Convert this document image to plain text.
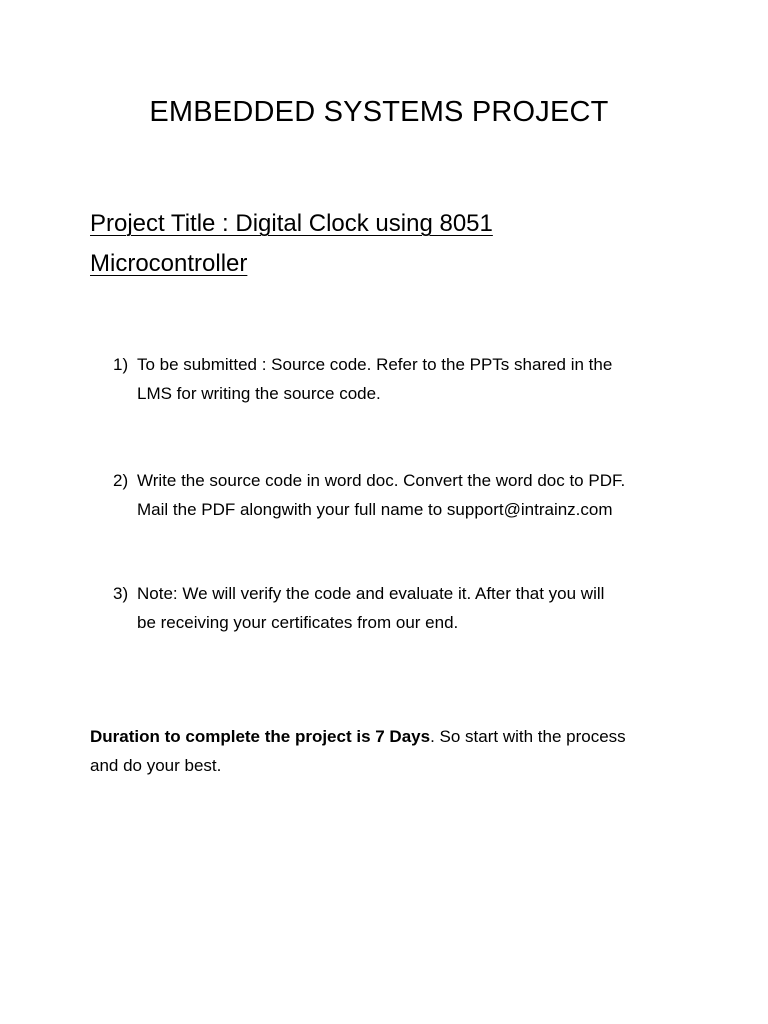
EMBEDDED SYSTEMS PROJECT
Project Title : Digital Clock using 8051
Microcontroller
1) To be submitted : Source code. Refer to the PPTs shared in the
LMS for writing the source code.
2) Write the source code in word doc. Convert the word doc to PDF.
Mail the PDF alongwith your full name to support@intrainz.com
3) Note: We will verify the code and evaluate it. After that you will
be receiving your certificates from our end.
Duration to complete the project is 7 Days. So start with the process
and do your best.
